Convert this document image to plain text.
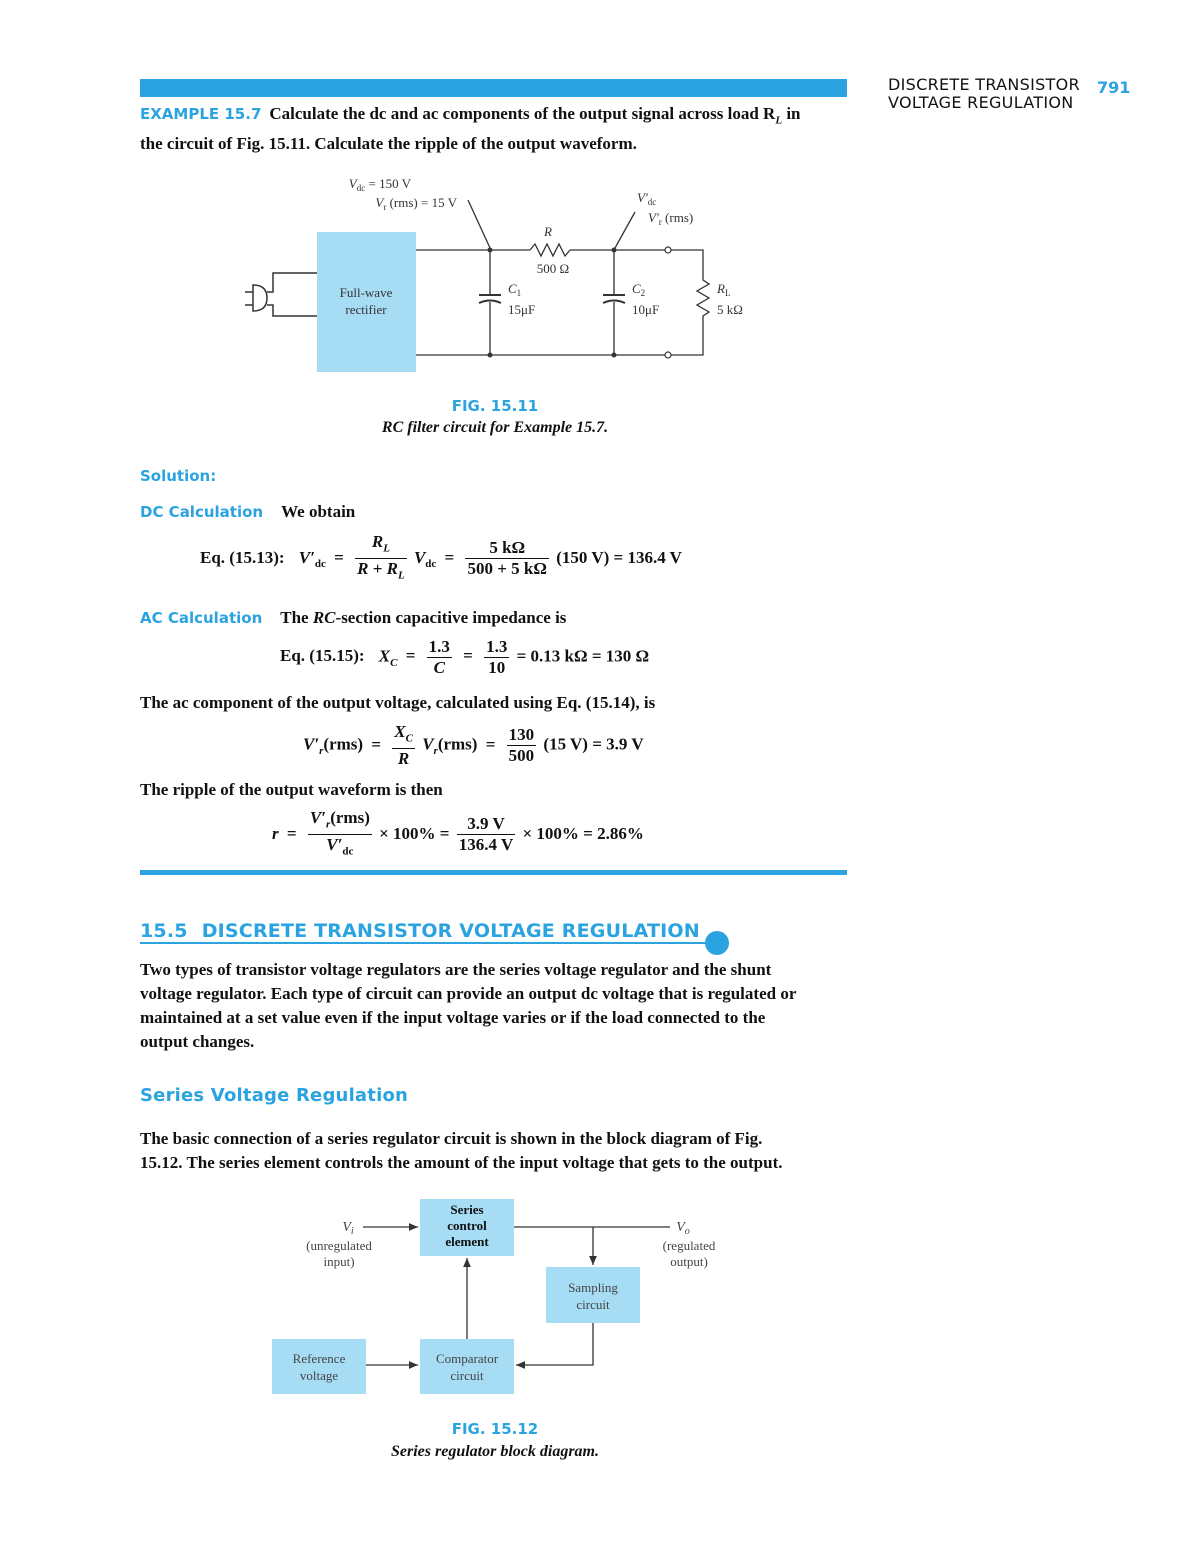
DISCRETE TRANSISTOR
VOLTAGE REGULATION
791
EXAMPLE 15.7 Calculate the dc and ac components of the output signal across load $R_L$ in
the circuit of Fig. 15.11. Calculate the ripple of the output waveform.
Full-wave
rectifier
$V_{dc} = 150$ V
$V_r$ (rms) = 15 V	$V'_{dc}$
$V'_r$ (rms)
R
500 Ω
$C_1$
15μF
$C_2$
10μF
$R_L$
5 kΩ
FIG. 15.11
RC filter circuit for Example 15.7.
Solution:
DC Calculation We obtain
Eq. (15.13): $V'_{dc} = \frac{R_L}{R + R_L} V_{dc} = \frac{5 k\Omega}{500 + 5 k\Omega} (150$ V) = 136.4 V
AC Calculation The RC-section capacitive impedance is
Eq. (15.15): $X_C = \frac{1.3}{C} = \frac{1.3}{10} = 0.13$ kΩ = 130 Ω
The ac component of the output voltage, calculated using Eq. (15.14), is
$V'_r(rms) = \frac{X_C}{R} V_r(rms) = \frac{130}{500} (15$ V) = 3.9 V
The ripple of the output waveform is then
$r = \frac{V'_r(rms)}{V'_{dc}} \times 100\% = \frac{3.9 V}{136.4 V} \times 100\% = 2.86\%$
15.5 DISCRETE TRANSISTOR VOLTAGE REGULATION
Two types of transistor voltage regulators are the series voltage regulator and the shunt
voltage regulator. Each type of circuit can provide an output dc voltage that is regulated or
maintained at a set value even if the input voltage varies or if the load connected to the
output changes.
Series Voltage Regulation
The basic connection of a series regulator circuit is shown in the block diagram of Fig.
15.12. The series element controls the amount of the input voltage that gets to the output.
$V_i$
(unregulated
input)
$V_o$
(regulated
output)
Series
control
element
Sampling
circuit
Reference
voltage
Comparator
circuit
FIG. 15.12
Series regulator block diagram.
